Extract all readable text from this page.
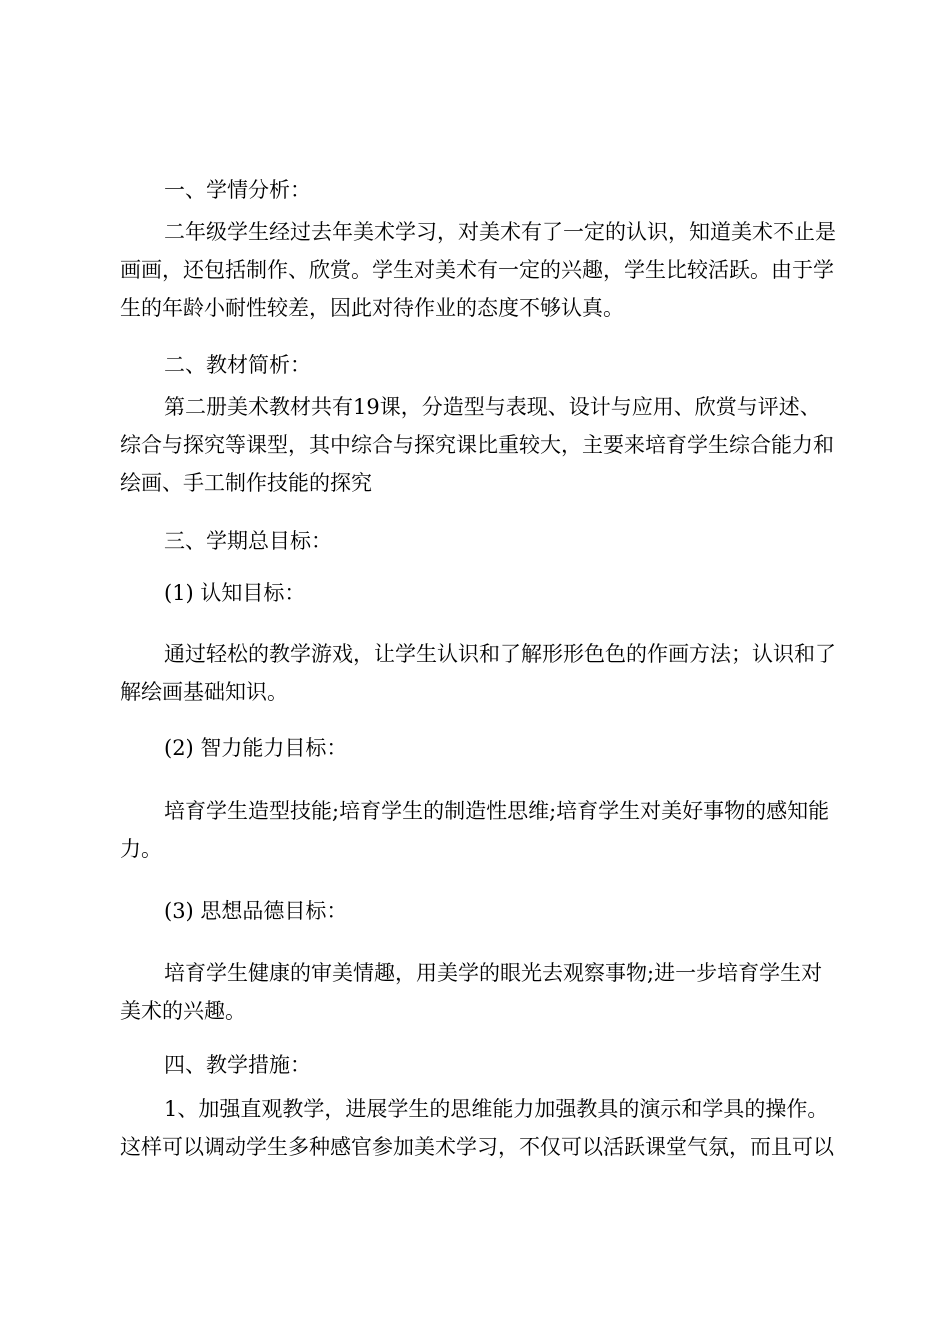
一、学情分析：
二年级学生经过去年美术学习，对美术有了一定的认识，知道美术不止是
画画，还包括制作、欣赏。学生对美术有一定的兴趣，学生比较活跃。由于学
生的年龄小耐性较差，因此对待作业的态度不够认真。
二、教材简析：
第二册美术教材共有19课，分造型与表现、设计与应用、欣赏与评述、
综合与探究等课型，其中综合与探究课比重较大，主要来培育学生综合能力和
绘画、手工制作技能的探究
三、学期总目标：
(1) 认知目标：
通过轻松的教学游戏，让学生认识和了解形形色色的作画方法；认识和了
解绘画基础知识。
(2) 智力能力目标：
培育学生造型技能;培育学生的制造性思维;培育学生对美好事物的感知能
力。
(3) 思想品德目标：
培育学生健康的审美情趣，用美学的眼光去观察事物;进一步培育学生对
美术的兴趣。
四、教学措施：
1、加强直观教学，进展学生的思维能力加强教具的演示和学具的操作。
这样可以调动学生多种感官参加美术学习，不仅可以活跃课堂气氛，而且可以
